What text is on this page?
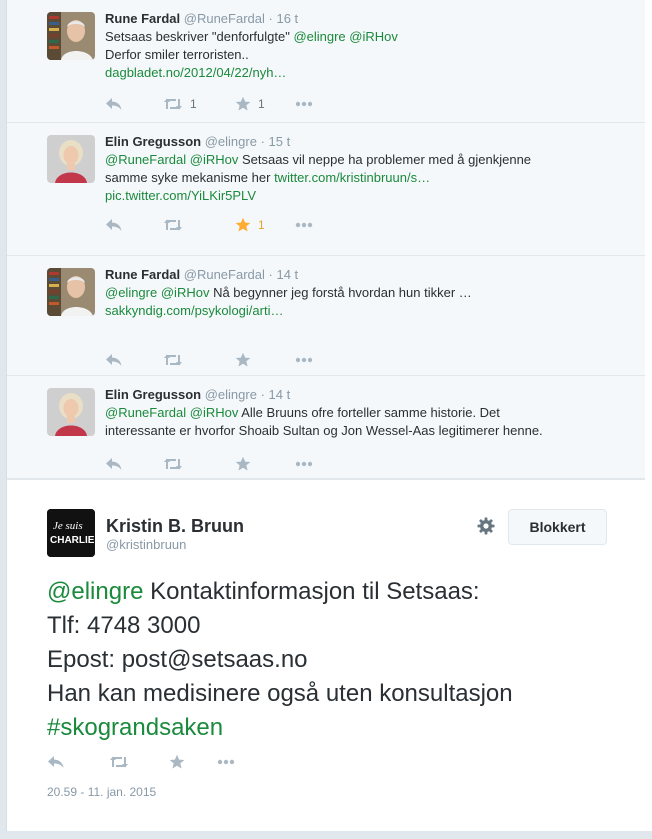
Rune Fardal @RuneFardal · 16 t
Setsaas beskriver "denforfulgte" @elingre @iRHov
Derfor smiler terroristen..
dagbladet.no/2012/04/22/nyh…
1	1
Elin Gregusson @elingre · 15 t
@RuneFardal @iRHov Setsaas vil neppe ha problemer med å gjenkjenne
samme syke mekanisme her twitter.com/kristinbruun/s…
pic.twitter.com/YiLKir5PLV
1
Rune Fardal @RuneFardal · 14 t
@elingre @iRHov Nå begynner jeg forstå hvordan hun tikker …
sakkyndig.com/psykologi/arti…
Elin Gregusson @elingre · 14 t
@RuneFardal @iRHov Alle Bruuns ofre forteller samme historie. Det
interessante er hvorfor Shoaib Sultan og Jon Wessel-Aas legitimerer henne.
Je suis
CHARLIE
Kristin B. Bruun
@kristinbruun
Blokkert
@elingre Kontaktinformasjon til Setsaas:
Tlf: 4748 3000
Epost: post@setsaas.no
Han kan medisinere også uten konsultasjon
#skograndsaken
20.59 - 11. jan. 2015
